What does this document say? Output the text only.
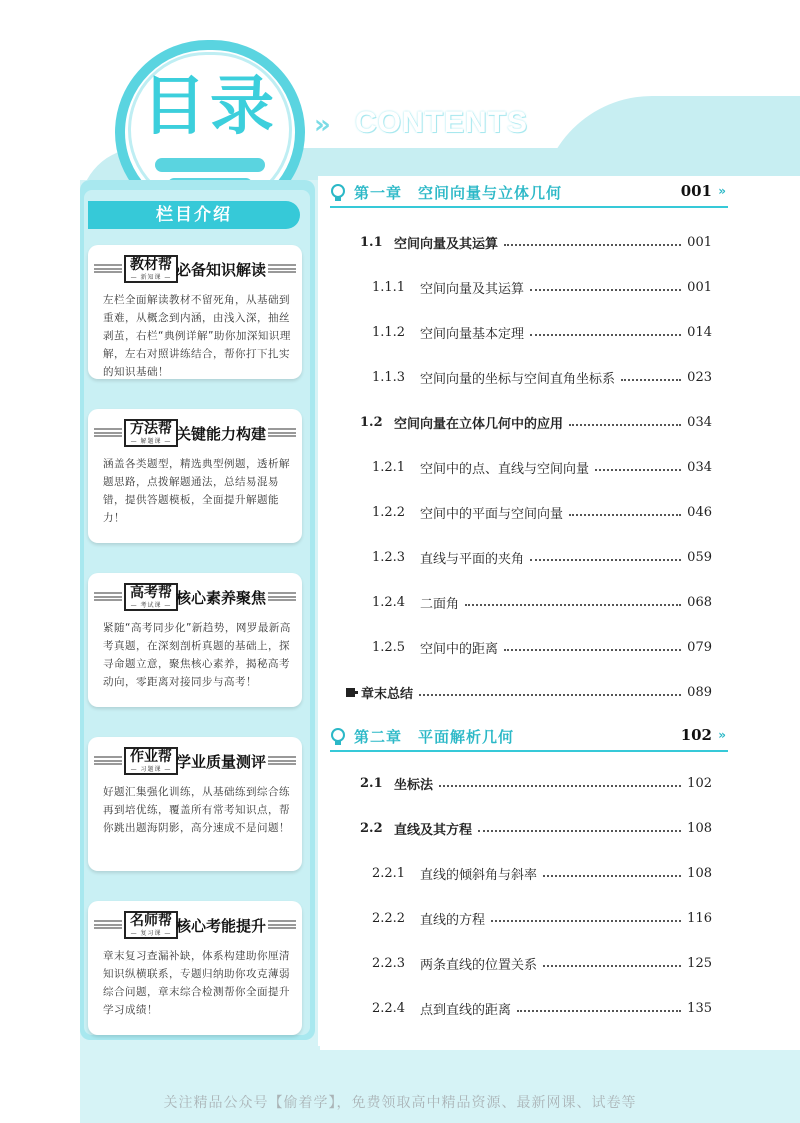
目录 » CONTENTS
栏目介绍
教材帮
— 新知课 — 必备知识解读
左栏全面解读教材不留死角，从基础到重难，从概念到内涵，由浅入深，抽丝剥茧，右栏“典例详解”助你加深知识理解，左右对照讲练结合，帮你打下扎实的知识基础！
方法帮
— 解题课 — 关键能力构建
涵盖各类题型，精选典型例题，透析解题思路，点拨解题通法，总结易混易错，提供答题模板，全面提升解题能力！
高考帮
— 考试课 — 核心素养聚焦
紧随“高考同步化”新趋势，网罗最新高考真题，在深刻剖析真题的基础上，探寻命题立意，聚焦核心素养，揭秘高考动向，零距离对接同步与高考！
作业帮
— 习题课 — 学业质量测评
好题汇集强化训练，从基础练到综合练再到培优练，覆盖所有常考知识点，帮你跳出题海阴影，高分速成不是问题！
名师帮
— 复习课 — 核心考能提升
章末复习查漏补缺，体系构建助你厘清知识纵横联系，专题归纳助你攻克薄弱综合问题，章末综合检测帮你全面提升学习成绩！
第一章　空间向量与立体几何	001 »
1.1 空间向量及其运算	001
1.1.1	空间向量及其运算	001
1.1.2	空间向量基本定理	014
1.1.3	空间向量的坐标与空间直角坐标系	023
1.2 空间向量在立体几何中的应用	034
1.2.1	空间中的点、直线与空间向量	034
1.2.2	空间中的平面与空间向量	046
1.2.3	直线与平面的夹角	059
1.2.4	二面角	068
1.2.5	空间中的距离	079
章末总结	089
第二章　平面解析几何	102 »
2.1 坐标法	102
2.2 直线及其方程	108
2.2.1	直线的倾斜角与斜率	108
2.2.2	直线的方程	116
2.2.3	两条直线的位置关系	125
2.2.4	点到直线的距离	135
关注精品公众号【偷着学】，免费领取高中精品资源、最新网课、试卷等
